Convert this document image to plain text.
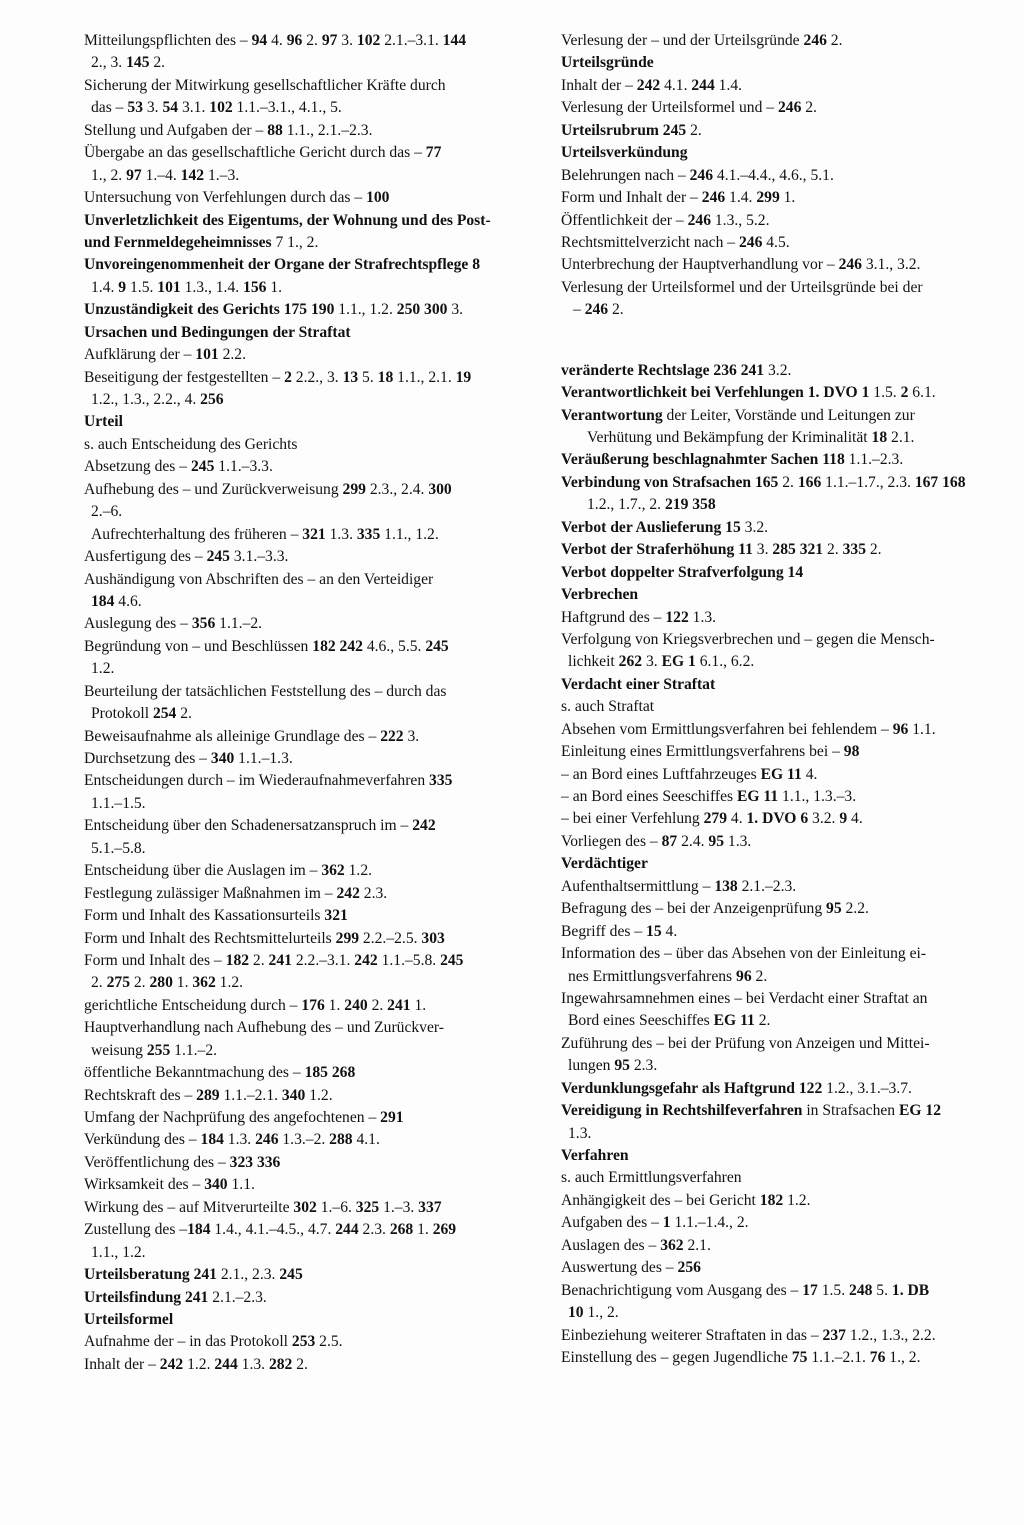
Mitteilungspflichten des – 94 4. 96 2. 97 3. 102 2.1.–3.1. 144
2., 3. 145 2.
Sicherung der Mitwirkung gesellschaftlicher Kräfte durch
das – 53 3. 54 3.1. 102 1.1.–3.1., 4.1., 5.
Stellung und Aufgaben der – 88 1.1., 2.1.–2.3.
Übergabe an das gesellschaftliche Gericht durch das – 77
1., 2. 97 1.–4. 142 1.–3.
Untersuchung von Verfehlungen durch das – 100
Unverletzlichkeit des Eigentums, der Wohnung und des Post-
und Fernmeldegeheimnisses 7 1., 2.
Unvoreingenommenheit der Organe der Strafrechtspflege 8
1.4. 9 1.5. 101 1.3., 1.4. 156 1.
Unzuständigkeit des Gerichts 175 190 1.1., 1.2. 250 300 3.
Ursachen und Bedingungen der Straftat
Aufklärung der – 101 2.2.
Beseitigung der festgestellten – 2 2.2., 3. 13 5. 18 1.1., 2.1. 19
1.2., 1.3., 2.2., 4. 256
Urteil
s. auch Entscheidung des Gerichts
Absetzung des – 245 1.1.–3.3.
Aufhebung des – und Zurückverweisung 299 2.3., 2.4. 300
2.–6.
Aufrechterhaltung des früheren – 321 1.3. 335 1.1., 1.2.
Ausfertigung des – 245 3.1.–3.3.
Aushändigung von Abschriften des – an den Verteidiger
184 4.6.
Auslegung des – 356 1.1.–2.
Begründung von – und Beschlüssen 182 242 4.6., 5.5. 245
1.2.
Beurteilung der tatsächlichen Feststellung des – durch das
Protokoll 254 2.
Beweisaufnahme als alleinige Grundlage des – 222 3.
Durchsetzung des – 340 1.1.–1.3.
Entscheidungen durch – im Wiederaufnahmeverfahren 335
1.1.–1.5.
Entscheidung über den Schadenersatzanspruch im – 242
5.1.–5.8.
Entscheidung über die Auslagen im – 362 1.2.
Festlegung zulässiger Maßnahmen im – 242 2.3.
Form und Inhalt des Kassationsurteils 321
Form und Inhalt des Rechtsmittelurteils 299 2.2.–2.5. 303
Form und Inhalt des – 182 2. 241 2.2.–3.1. 242 1.1.–5.8. 245
2. 275 2. 280 1. 362 1.2.
gerichtliche Entscheidung durch – 176 1. 240 2. 241 1.
Hauptverhandlung nach Aufhebung des – und Zurückver-
weisung 255 1.1.–2.
öffentliche Bekanntmachung des – 185 268
Rechtskraft des – 289 1.1.–2.1. 340 1.2.
Umfang der Nachprüfung des angefochtenen – 291
Verkündung des – 184 1.3. 246 1.3.–2. 288 4.1.
Veröffentlichung des – 323 336
Wirksamkeit des – 340 1.1.
Wirkung des – auf Mitverurteilte 302 1.–6. 325 1.–3. 337
Zustellung des –184 1.4., 4.1.–4.5., 4.7. 244 2.3. 268 1. 269
1.1., 1.2.
Urteilsberatung 241 2.1., 2.3. 245
Urteilsfindung 241 2.1.–2.3.
Urteilsformel
Aufnahme der – in das Protokoll 253 2.5.
Inhalt der – 242 1.2. 244 1.3. 282 2.
Verlesung der – und der Urteilsgründe 246 2.
Urteilsgründe
Inhalt der – 242 4.1. 244 1.4.
Verlesung der Urteilsformel und – 246 2.
Urteilsrubrum 245 2.
Urteilsverkündung
Belehrungen nach – 246 4.1.–4.4., 4.6., 5.1.
Form und Inhalt der – 246 1.4. 299 1.
Öffentlichkeit der – 246 1.3., 5.2.
Rechtsmittelverzicht nach – 246 4.5.
Unterbrechung der Hauptverhandlung vor – 246 3.1., 3.2.
Verlesung der Urteilsformel und der Urteilsgründe bei der
– 246 2.
veränderte Rechtslage 236 241 3.2.
Verantwortlichkeit bei Verfehlungen 1. DVO 1 1.5. 2 6.1.
Verantwortung der Leiter, Vorstände und Leitungen zur
Verhütung und Bekämpfung der Kriminalität 18 2.1.
Veräußerung beschlagnahmter Sachen 118 1.1.–2.3.
Verbindung von Strafsachen 165 2. 166 1.1.–1.7., 2.3. 167 168
1.2., 1.7., 2. 219 358
Verbot der Auslieferung 15 3.2.
Verbot der Straferhöhung 11 3. 285 321 2. 335 2.
Verbot doppelter Strafverfolgung 14
Verbrechen
Haftgrund des – 122 1.3.
Verfolgung von Kriegsverbrechen und – gegen die Mensch-
lichkeit 262 3. EG 1 6.1., 6.2.
Verdacht einer Straftat
s. auch Straftat
Absehen vom Ermittlungsverfahren bei fehlendem – 96 1.1.
Einleitung eines Ermittlungsverfahrens bei – 98
– an Bord eines Luftfahrzeuges EG 11 4.
– an Bord eines Seeschiffes EG 11 1.1., 1.3.–3.
– bei einer Verfehlung 279 4. 1. DVO 6 3.2. 9 4.
Vorliegen des – 87 2.4. 95 1.3.
Verdächtiger
Aufenthaltsermittlung – 138 2.1.–2.3.
Befragung des – bei der Anzeigenprüfung 95 2.2.
Begriff des – 15 4.
Information des – über das Absehen von der Einleitung ei-
nes Ermittlungsverfahrens 96 2.
Ingewahrsamnehmen eines – bei Verdacht einer Straftat an
Bord eines Seeschiffes EG 11 2.
Zuführung des – bei der Prüfung von Anzeigen und Mittei-
lungen 95 2.3.
Verdunklungsgefahr als Haftgrund 122 1.2., 3.1.–3.7.
Vereidigung in Rechtshilfeverfahren in Strafsachen EG 12
1.3.
Verfahren
s. auch Ermittlungsverfahren
Anhängigkeit des – bei Gericht 182 1.2.
Aufgaben des – 1 1.1.–1.4., 2.
Auslagen des – 362 2.1.
Auswertung des – 256
Benachrichtigung vom Ausgang des – 17 1.5. 248 5. 1. DB
10 1., 2.
Einbeziehung weiterer Straftaten in das – 237 1.2., 1.3., 2.2.
Einstellung des – gegen Jugendliche 75 1.1.–2.1. 76 1., 2.
